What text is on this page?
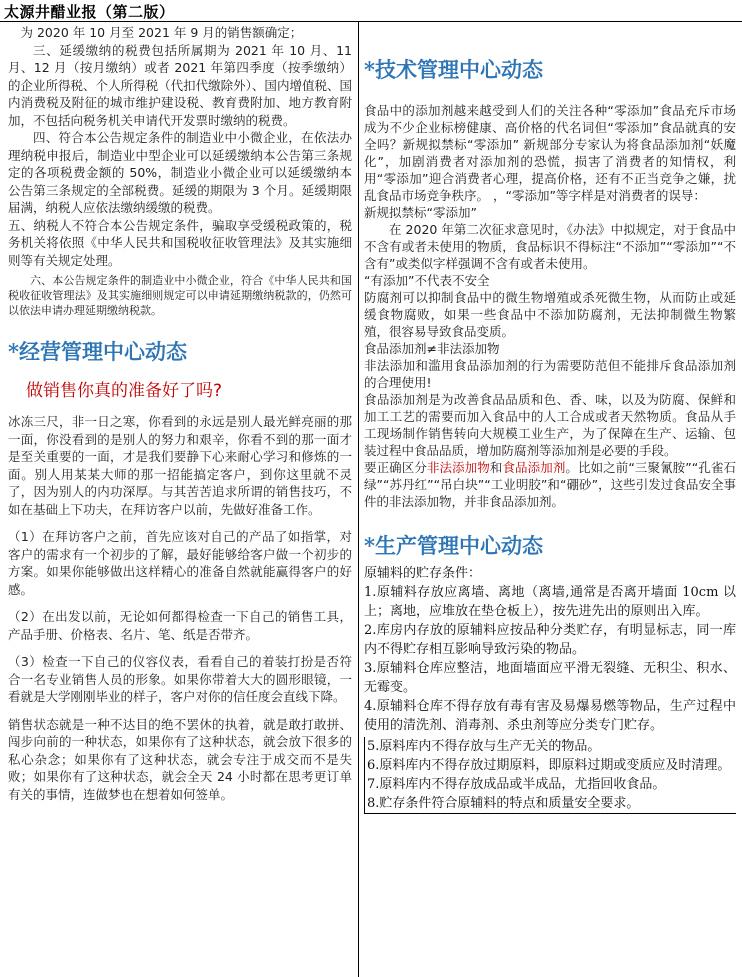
太源井醋业报（第二版）

为 2020 年 10 月至 2021 年 9 月的销售额确定；

三、延缓缴纳的税费包括所属期为 2021 年 10 月、11 月、12 月（按月缴纳）或者 2021 年第四季度（按季缴纳）的企业所得税、个人所得税（代扣代缴除外）、国内增值税、国内消费税及附征的城市维护建设税、教育费附加、地方教育附加，不包括向税务机关申请代开发票时缴纳的税费。

四、符合本公告规定条件的制造业中小微企业，在依法办理纳税申报后，制造业中型企业可以延缓缴纳本公告第三条规定的各项税费金额的 50%，制造业小微企业可以延缓缴纳本公告第三条规定的全部税费。延缓的期限为 3 个月。延缓期限届满，纳税人应依法缴纳缓缴的税费。

五、纳税人不符合本公告规定条件，骗取享受缓税政策的，税务机关将依照《中华人民共和国税收征收管理法》及其实施细则等有关规定处理。

六、本公告规定条件的制造业中小微企业，符合《中华人民共和国税收征收管理法》及其实施细则规定可以申请延期缴纳税款的，仍然可以依法申请办理延期缴纳税款。

*经营管理中心动态
做销售你真的准备好了吗?

冰冻三尺，非一日之寒，你看到的永远是别人最光鲜亮丽的那一面，你没看到的是别人的努力和艰辛，你看不到的那一面才是至关重要的一面，才是我们要静下心来耐心学习和修炼的一面。别人用某某大师的那一招能搞定客户，到你这里就不灵了，因为别人的内功深厚。与其苦苦追求所谓的销售技巧，不如在基础上下功夫，在拜访客户以前，先做好准备工作。

（1）在拜访客户之前，首先应该对自己的产品了如指掌，对客户的需求有一个初步的了解，最好能够给客户做一个初步的方案。如果你能够做出这样精心的准备自然就能赢得客户的好感。

（2）在出发以前，无论如何都得检查一下自己的销售工具，产品手册、价格表、名片、笔、纸是否带齐。

（3）检查一下自己的仪容仪表，看看自己的着装打扮是否符合一名专业销售人员的形象。如果你带着大大的圆形眼镜，一看就是大学刚刚毕业的样子，客户对你的信任度会直线下降。

销售状态就是一种不达目的绝不罢休的执着，就是敢打敢拼、闯步向前的一种状态，如果你有了这种状态，就会放下很多的私心杂念；如果你有了这种状态，就会专注于成交而不是失败；如果你有了这种状态，就会全天 24 小时都在思考更订单有关的事情，连做梦也在想着如何签单。

*技术管理中心动态

食品中的添加剂越来越受到人们的关注各种“零添加”食品充斥市场成为不少企业标榜健康、高价格的代名词但“零添加”食品就真的安全吗？新规拟禁标“零添加” 新规部分专家认为将食品添加剂“妖魔化”，加剧消费者对添加剂的恐慌，损害了消费者的知情权，利用“零添加”迎合消费者心理，提高价格，还有不正当竞争之嫌，扰乱食品市场竞争秩序。 ，“零添加”等字样是对消费者的误导：

新规拟禁标“零添加”

在 2020 年第二次征求意见时，《办法》中拟规定，对于食品中不含有或者未使用的物质，食品标识不得标注“不添加”“零添加”“不含有”或类似字样强调不含有或者未使用。

“有添加”不代表不安全

防腐剂可以抑制食品中的微生物增殖或杀死微生物，从而防止或延缓食物腐败，如果一些食品中不添加防腐剂，无法抑制微生物繁殖，很容易导致食品变质。

食品添加剂≠非法添加物

非法添加和滥用食品添加剂的行为需要防范但不能排斥食品添加剂的合理使用!

食品添加剂是为改善食品品质和色、香、味，以及为防腐、保鲜和加工工艺的需要而加入食品中的人工合成或者天然物质。食品从手工现场制作销售转向大规模工业生产，为了保障在生产、运输、包装过程中食品品质，增加防腐剂等添加剂是必要的手段。

要正确区分非法添加物和食品添加剂。比如之前“三聚氰胺”“孔雀石绿”“苏丹红”“吊白块”“工业明胶”和“硼砂”，这些引发过食品安全事件的非法添加物，并非食品添加剂。

*生产管理中心动态

原辅料的贮存条件：

1.原辅料存放应离墙、离地（离墙,通常是否离开墙面 10cm 以上；离地，应堆放在垫仓板上），按先进先出的原则出入库。

2.库房内存放的原辅料应按品种分类贮存，有明显标志，同一库内不得贮存相互影响导致污染的物品。

3.原辅料仓库应整洁，地面墙面应平滑无裂缝、无积尘、积水、无霉变。

4.原辅料仓库不得存放有毒有害及易爆易燃等物品，生产过程中使用的清洗剂、消毒剂、杀虫剂等应分类专门贮存。

5.原料库内不得存放与生产无关的物品。

6.原料库内不得存放过期原料，即原料过期或变质应及时清理。

7.原料库内不得存放成品或半成品，尤指回收食品。

8.贮存条件符合原辅料的特点和质量安全要求。
